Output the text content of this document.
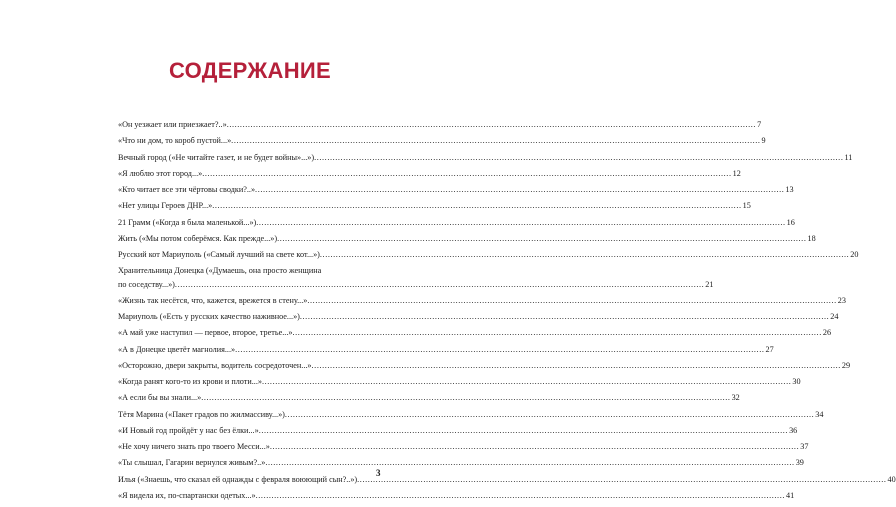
СОДЕРЖАНИЕ
«Он уезжает или приезжает?..» .....	7
«Что ни дом, то короб пустой...» .....	9
Вечный город («Не читайте газет, и не будет войны»...») .....	11
«Я люблю этот город...» .....	12
«Кто читает все эти чёртовы сводки?..» .....	13
«Нет улицы Героев ДНР...» .....	15
21 Грамм («Когда я была маленькой...») .....	16
Жить («Мы потом соберёмся. Как прежде...») .....	18
Русский кот Мариуполь («Самый лучший на свете кот...») .....	20
Хранительница Донецка («Думаешь, она просто женщина
по соседству...») .....	21
«Жизнь так несётся, что, кажется, врежется в стену...» .....	23
Мариуполь («Есть у русских качество наживное...») .....	24
«А май уже наступил — первое, второе, третье...» .....	26
«А в Донецке цветёт магнолия...» .....	27
«Осторожно, двери закрыты, водитель сосредоточен...» .....	29
«Когда ранят кого-то из крови и плоти...» .....	30
«А если бы вы знали...» .....	32
Тётя Марина («Пакет градов по жилмассиву...») .....	34
«И Новый год пройдёт у нас без ёлки...» .....	36
«Не хочу ничего знать про твоего Месси...» .....	37
«Ты слышал, Гагарин вернулся живым?..» .....	39
Илья («Знаешь, что сказал ей однажды с февраля воюющий сын?..») .....	40
«Я видела их, по-спартански одетых...» .....	41
3
